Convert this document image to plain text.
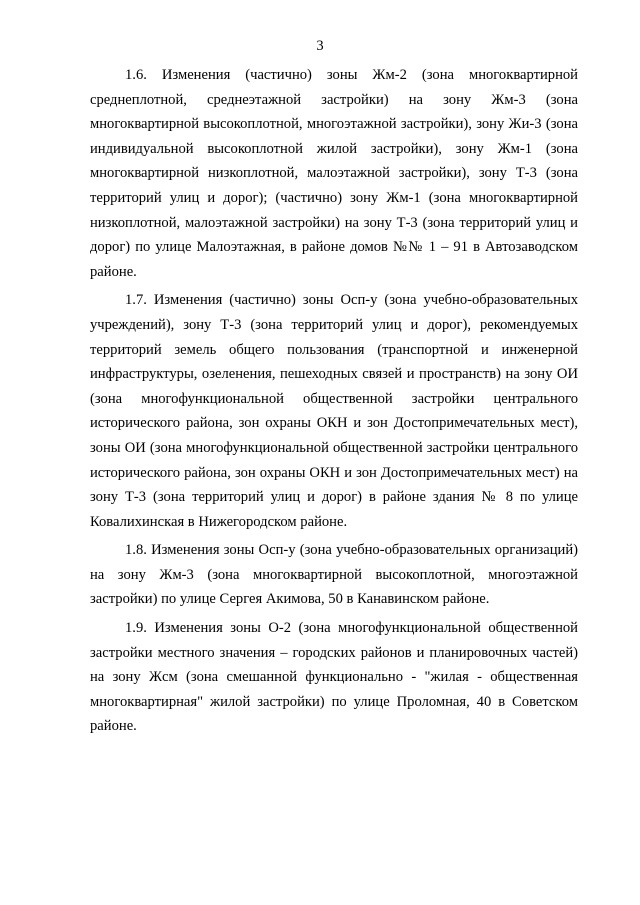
3

1.6. Изменения (частично) зоны Жм-2 (зона многоквартирной среднеплотной, среднеэтажной застройки) на зону Жм-3 (зона многоквартирной высокоплотной, многоэтажной застройки), зону Жи-3 (зона индивидуальной высокоплотной жилой застройки), зону Жм-1 (зона многоквартирной низкоплотной, малоэтажной застройки), зону Т-3 (зона территорий улиц и дорог); (частично) зону Жм-1 (зона многоквартирной низкоплотной, малоэтажной застройки) на зону Т-3 (зона территорий улиц и дорог) по улице Малоэтажная, в районе домов №№ 1 – 91 в Автозаводском районе.

1.7. Изменения (частично) зоны Осп-у (зона учебно-образовательных учреждений), зону Т-3 (зона территорий улиц и дорог), рекомендуемых территорий земель общего пользования (транспортной и инженерной инфраструктуры, озеленения, пешеходных связей и пространств) на зону ОИ (зона многофункциональной общественной застройки центрального исторического района, зон охраны ОКН и зон Достопримечательных мест), зоны ОИ (зона многофункциональной общественной застройки центрального исторического района, зон охраны ОКН и зон Достопримечательных мест) на зону Т-3 (зона территорий улиц и дорог) в районе здания № 8 по улице Ковалихинская в Нижегородском районе.

1.8. Изменения зоны Осп-у (зона учебно-образовательных организаций) на зону Жм-3 (зона многоквартирной высокоплотной, многоэтажной застройки) по улице Сергея Акимова, 50 в Канавинском районе.

1.9. Изменения зоны О-2 (зона многофункциональной общественной застройки местного значения – городских районов и планировочных частей) на зону Жсм (зона смешанной функционально - "жилая - общественная многоквартирная" жилой застройки) по улице Проломная, 40 в Советском районе.
